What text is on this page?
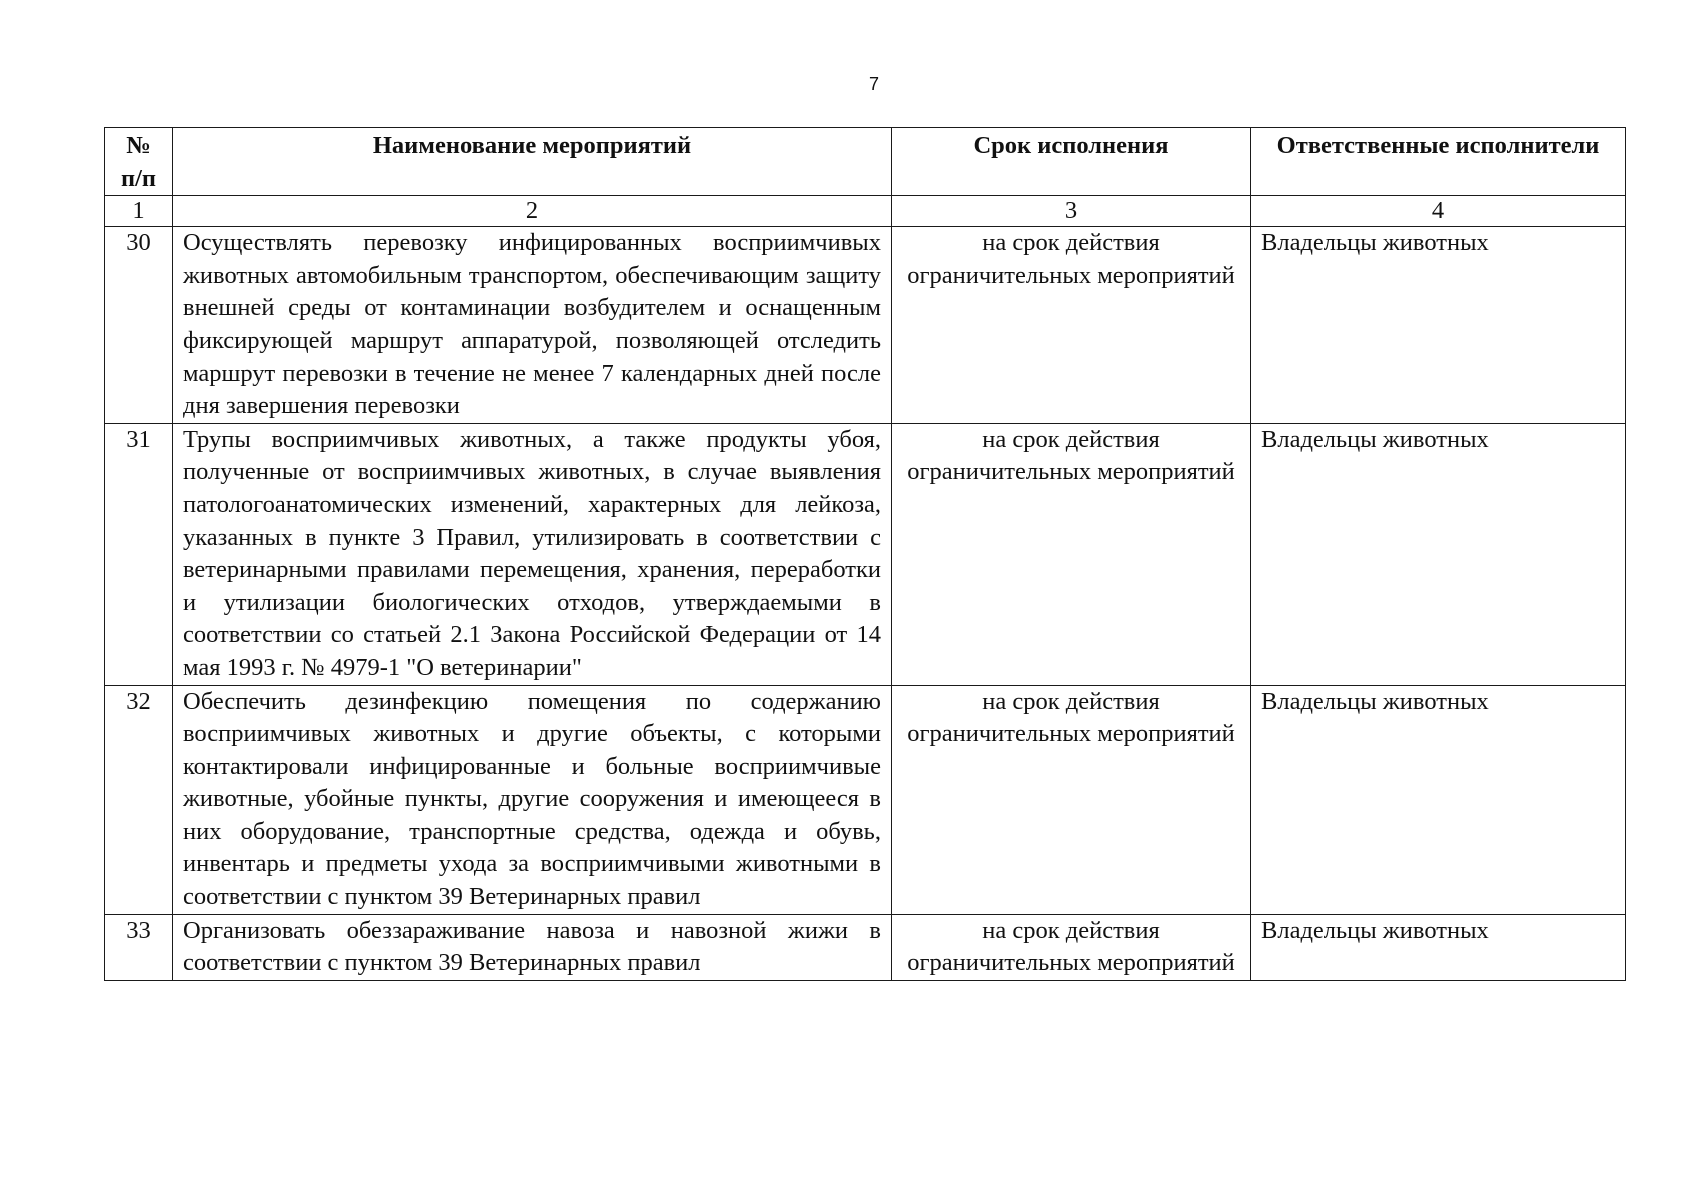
7
№ п/п	Наименование мероприятий	Срок исполнения	Ответственные исполнители
1	2	3	4
30	Осуществлять перевозку инфицированных восприимчивых животных автомобильным транспортом, обеспечивающим защиту внешней среды от контаминации возбудителем и оснащенным фиксирующей маршрут аппаратурой, позволяющей отследить маршрут перевозки в течение не менее 7 календарных дней после дня завершения перевозки	на срок действия ограничительных мероприятий	Владельцы животных
31	Трупы восприимчивых животных, а также продукты убоя, полученные от восприимчивых животных, в случае выявления патологоанатомических изменений, характерных для лейкоза, указанных в пункте 3 Правил, утилизировать в соответствии с ветеринарными правилами перемещения, хранения, переработки и утилизации биологических отходов, утверждаемыми в соответствии со статьей 2.1 Закона Российской Федерации от 14 мая 1993 г. № 4979-1 "О ветеринарии"	на срок действия ограничительных мероприятий	Владельцы животных
32	Обеспечить дезинфекцию помещения по содержанию восприимчивых животных и другие объекты, с которыми контактировали инфицированные и больные восприимчивые животные, убойные пункты, другие сооружения и имеющееся в них оборудование, транспортные средства, одежда и обувь, инвентарь и предметы ухода за восприимчивыми животными в соответствии с пунктом 39 Ветеринарных правил	на срок действия ограничительных мероприятий	Владельцы животных
33	Организовать обеззараживание навоза и навозной жижи в соответствии с пунктом 39 Ветеринарных правил	на срок действия ограничительных мероприятий	Владельцы животных
